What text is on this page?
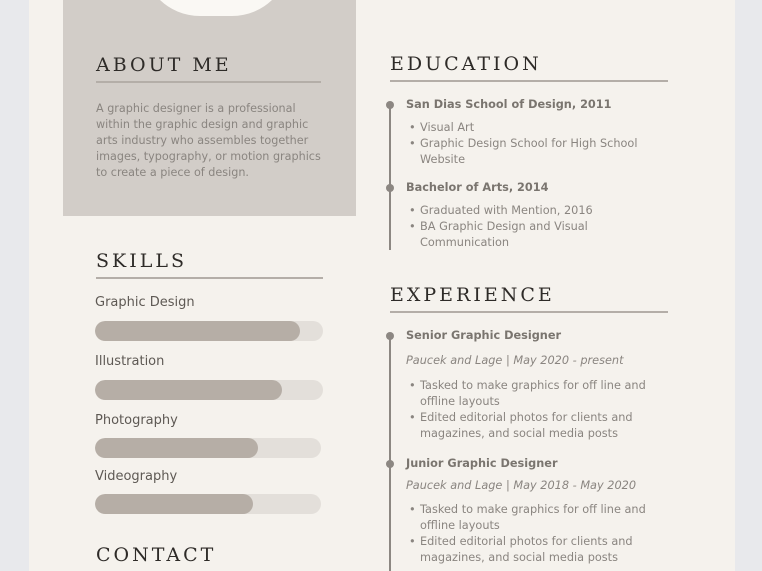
ABOUT ME

A graphic designer is a professional within the graphic design and graphic arts industry who assembles together images, typography, or motion graphics to create a piece of design.

SKILLS
Graphic Design
Illustration
Photography
Videography
CONTACT
EDUCATION
San Dias School of Design, 2011
• Visual Art
• Graphic Design School for High School Website
Bachelor of Arts, 2014
• Graduated with Mention, 2016
• BA Graphic Design and Visual Communication
EXPERIENCE
Senior Graphic Designer
Paucek and Lage | May 2020 - present
• Tasked to make graphics for off line and offline layouts
• Edited editorial photos for clients and magazines, and social media posts
Junior Graphic Designer
Paucek and Lage | May 2018 - May 2020
• Tasked to make graphics for off line and offline layouts
• Edited editorial photos for clients and magazines, and social media posts
